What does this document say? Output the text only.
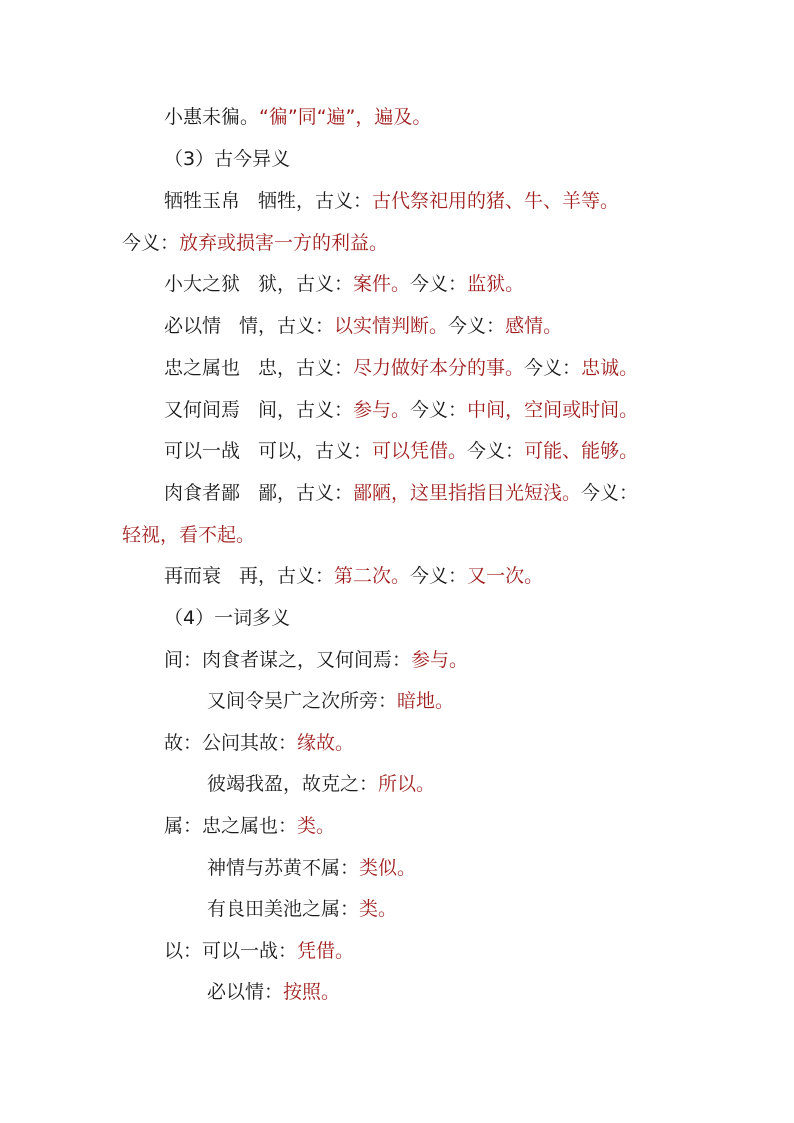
小惠未徧。“徧”同“遍”，遍及。
（3）古今异义
牺牲玉帛 牺牲，古义：古代祭祀用的猪、牛、羊等。
今义：放弃或损害一方的利益。
小大之狱 狱，古义：案件。今义：监狱。
必以情 情，古义：以实情判断。今义：感情。
忠之属也 忠，古义：尽力做好本分的事。今义：忠诚。
又何间焉 间，古义：参与。今义：中间，空间或时间。
可以一战 可以，古义：可以凭借。今义：可能、能够。
肉食者鄙 鄙，古义：鄙陋，这里指指目光短浅。今义：
轻视，看不起。
再而衰 再，古义：第二次。今义：又一次。
（4）一词多义
间：肉食者谋之，又何间焉：参与。
又间令吴广之次所旁：暗地。
故：公问其故：缘故。
彼竭我盈，故克之：所以。
属：忠之属也：类。
神情与苏黄不属：类似。
有良田美池之属：类。
以：可以一战：凭借。
必以情：按照。
